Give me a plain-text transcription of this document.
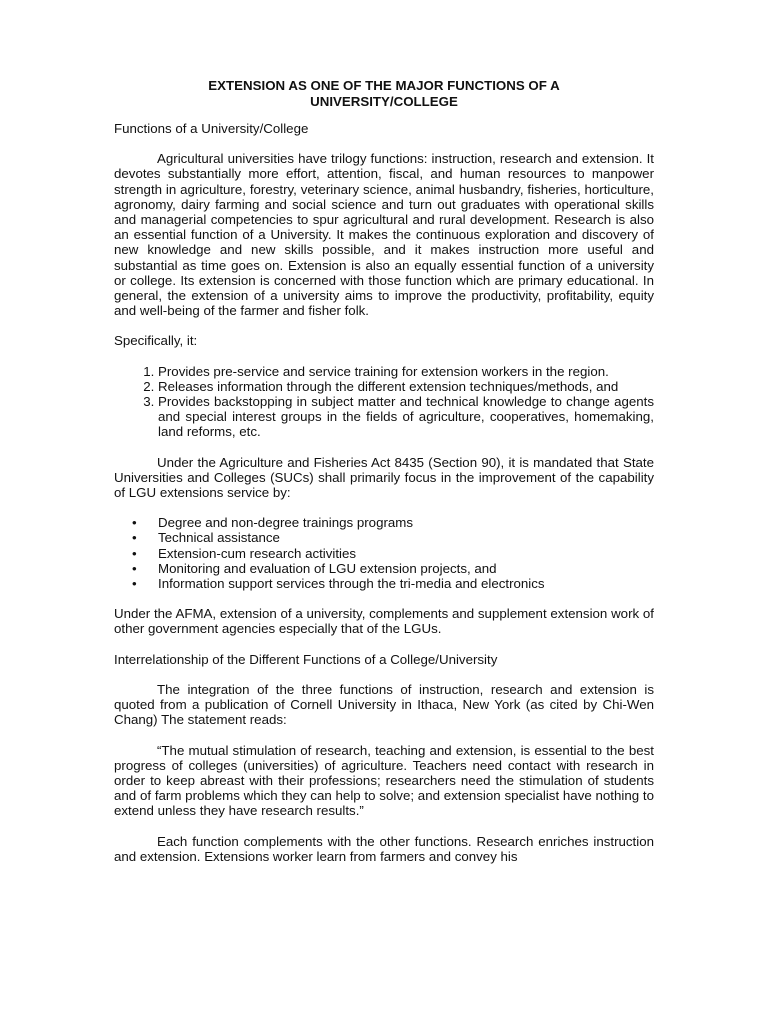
EXTENSION AS ONE OF THE MAJOR FUNCTIONS OF A
UNIVERSITY/COLLEGE

Functions of a University/College

Agricultural universities have trilogy functions: instruction, research and extension. It devotes substantially more effort, attention, fiscal, and human resources to manpower strength in agriculture, forestry, veterinary science, animal husbandry, fisheries, horticulture, agronomy, dairy farming and social science and turn out graduates with operational skills and managerial competencies to spur agricultural and rural development. Research is also an essential function of a University. It makes the continuous exploration and discovery of new knowledge and new skills possible, and it makes instruction more useful and substantial as time goes on. Extension is also an equally essential function of a university or college. Its extension is concerned with those function which are primary educational. In general, the extension of a university aims to improve the productivity, profitability, equity and well-being of the farmer and fisher folk.

Specifically, it:

1. Provides pre-service and service training for extension workers in the region.
2. Releases information through the different extension techniques/methods, and
3. Provides backstopping in subject matter and technical knowledge to change agents and special interest groups in the fields of agriculture, cooperatives, homemaking, land reforms, etc.

Under the Agriculture and Fisheries Act 8435 (Section 90), it is mandated that State Universities and Colleges (SUCs) shall primarily focus in the improvement of the capability of LGU extensions service by:

• Degree and non-degree trainings programs
• Technical assistance
• Extension-cum research activities
• Monitoring and evaluation of LGU extension projects, and
• Information support services through the tri-media and electronics

Under the AFMA, extension of a university, complements and supplement extension work of other government agencies especially that of the LGUs.

Interrelationship of the Different Functions of a College/University

The integration of the three functions of instruction, research and extension is quoted from a publication of Cornell University in Ithaca, New York (as cited by Chi-Wen Chang) The statement reads:

“The mutual stimulation of research, teaching and extension, is essential to the best progress of colleges (universities) of agriculture. Teachers need contact with research in order to keep abreast with their professions; researchers need the stimulation of students and of farm problems which they can help to solve; and extension specialist have nothing to extend unless they have research results.”

Each function complements with the other functions. Research enriches instruction and extension. Extensions worker learn from farmers and convey his
